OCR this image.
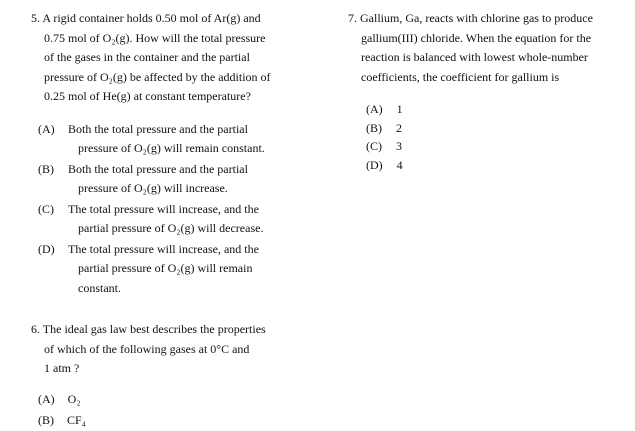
5. A rigid container holds 0.50 mol of Ar(g) and
0.75 mol of O₂(g). How will the total pressure
of the gases in the container and the partial
pressure of O₂(g) be affected by the addition of
0.25 mol of He(g) at constant temperature?
(A) Both the total pressure and the partial
pressure of O₂(g) will remain constant.
(B) Both the total pressure and the partial
pressure of O₂(g) will increase.
(C) The total pressure will increase, and the
partial pressure of O₂(g) will decrease.
(D) The total pressure will increase, and the
partial pressure of O₂(g) will remain
constant.
6. The ideal gas law best describes the properties
of which of the following gases at 0°C and
1 atm ?
(A) O₂
(B) CF₄
7. Gallium, Ga, reacts with chlorine gas to produce
gallium(III) chloride. When the equation for the
reaction is balanced with lowest whole-number
coefficients, the coefficient for gallium is
(A) 1
(B) 2
(C) 3
(D) 4
